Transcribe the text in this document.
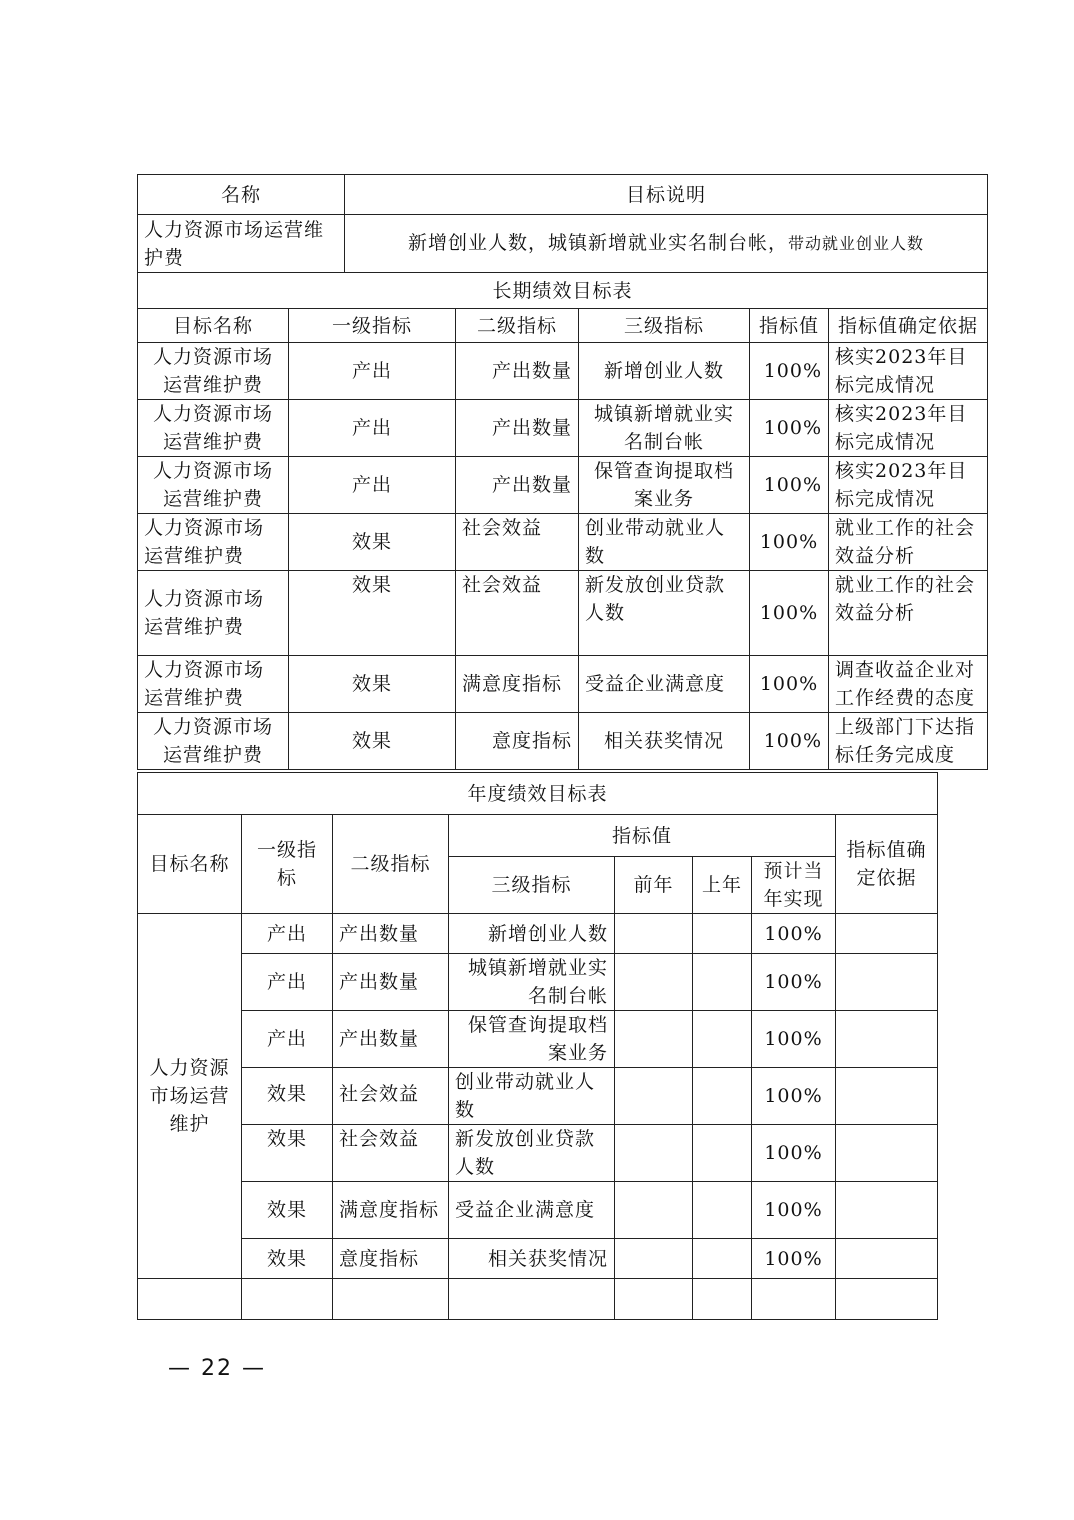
名称		目标说明				
人力资源市场运营维护费		新增创业人数，城镇新增就业实名制台帐，带动就业创业人数				
长期绩效目标表						
目标名称	一级指标		二级指标	三级指标	指标值	指标值确定依据
人力资源市场运营维护费	产出		产出数量	新增创业人数	100%	核实2023年目标完成情况
人力资源市场运营维护费	产出		产出数量	城镇新增就业实名制台帐	100%	核实2023年目标完成情况
人力资源市场运营维护费	产出		产出数量	保管查询提取档案业务	100%	核实2023年目标完成情况
人力资源市场运营维护费	效果		社会效益	创业带动就业人数	100%	就业工作的社会效益分析
人力资源市场运营维护费	效果		社会效益	新发放创业贷款人数	100%	就业工作的社会效益分析
人力资源市场运营维护费	效果		满意度指标	受益企业满意度	100%	调查收益企业对工作经费的态度
人力资源市场运营维护费	效果		意度指标	相关获奖情况	100%	上级部门下达指标任务完成度
年度绩效目标表							
目标名称	一级指标	二级指标	指标值				指标值确定依据
			三级指标	前年	上年	预计当年实现	
人力资源市场运营维护	产出	产出数量	新增创业人数			100%	
	产出	产出数量	城镇新增就业实名制台帐			100%	
	产出	产出数量	保管查询提取档案业务			100%	
	效果	社会效益	创业带动就业人数			100%	
	效果	社会效益	新发放创业贷款人数			100%	
	效果	满意度指标	受益企业满意度			100%	
	效果	意度指标	相关获奖情况			100%	

— 22 —
